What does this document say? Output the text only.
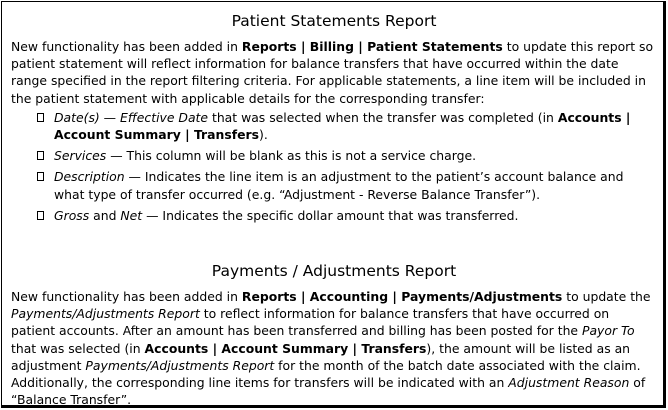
Patient Statements Report

New functionality has been added in Reports | Billing | Patient Statements to update this report so patient statement will reflect information for balance transfers that have occurred within the date range specified in the report filtering criteria. For applicable statements, a line item will be included in the patient statement with applicable details for the corresponding transfer:

Date(s) — Effective Date that was selected when the transfer was completed (in Accounts | Account Summary | Transfers).
Services — This column will be blank as this is not a service charge.
Description — Indicates the line item is an adjustment to the patient’s account balance and what type of transfer occurred (e.g. “Adjustment - Reverse Balance Transfer”).
Gross and Net — Indicates the specific dollar amount that was transferred.
Payments / Adjustments Report

New functionality has been added in Reports | Accounting | Payments/Adjustments to update the Payments/Adjustments Report to reflect information for balance transfers that have occurred on patient accounts. After an amount has been transferred and billing has been posted for the Payor To that was selected (in Accounts | Account Summary | Transfers), the amount will be listed as an adjustment Payments/Adjustments Report for the month of the batch date associated with the claim. Additionally, the corresponding line items for transfers will be indicated with an Adjustment Reason of “Balance Transfer”.
